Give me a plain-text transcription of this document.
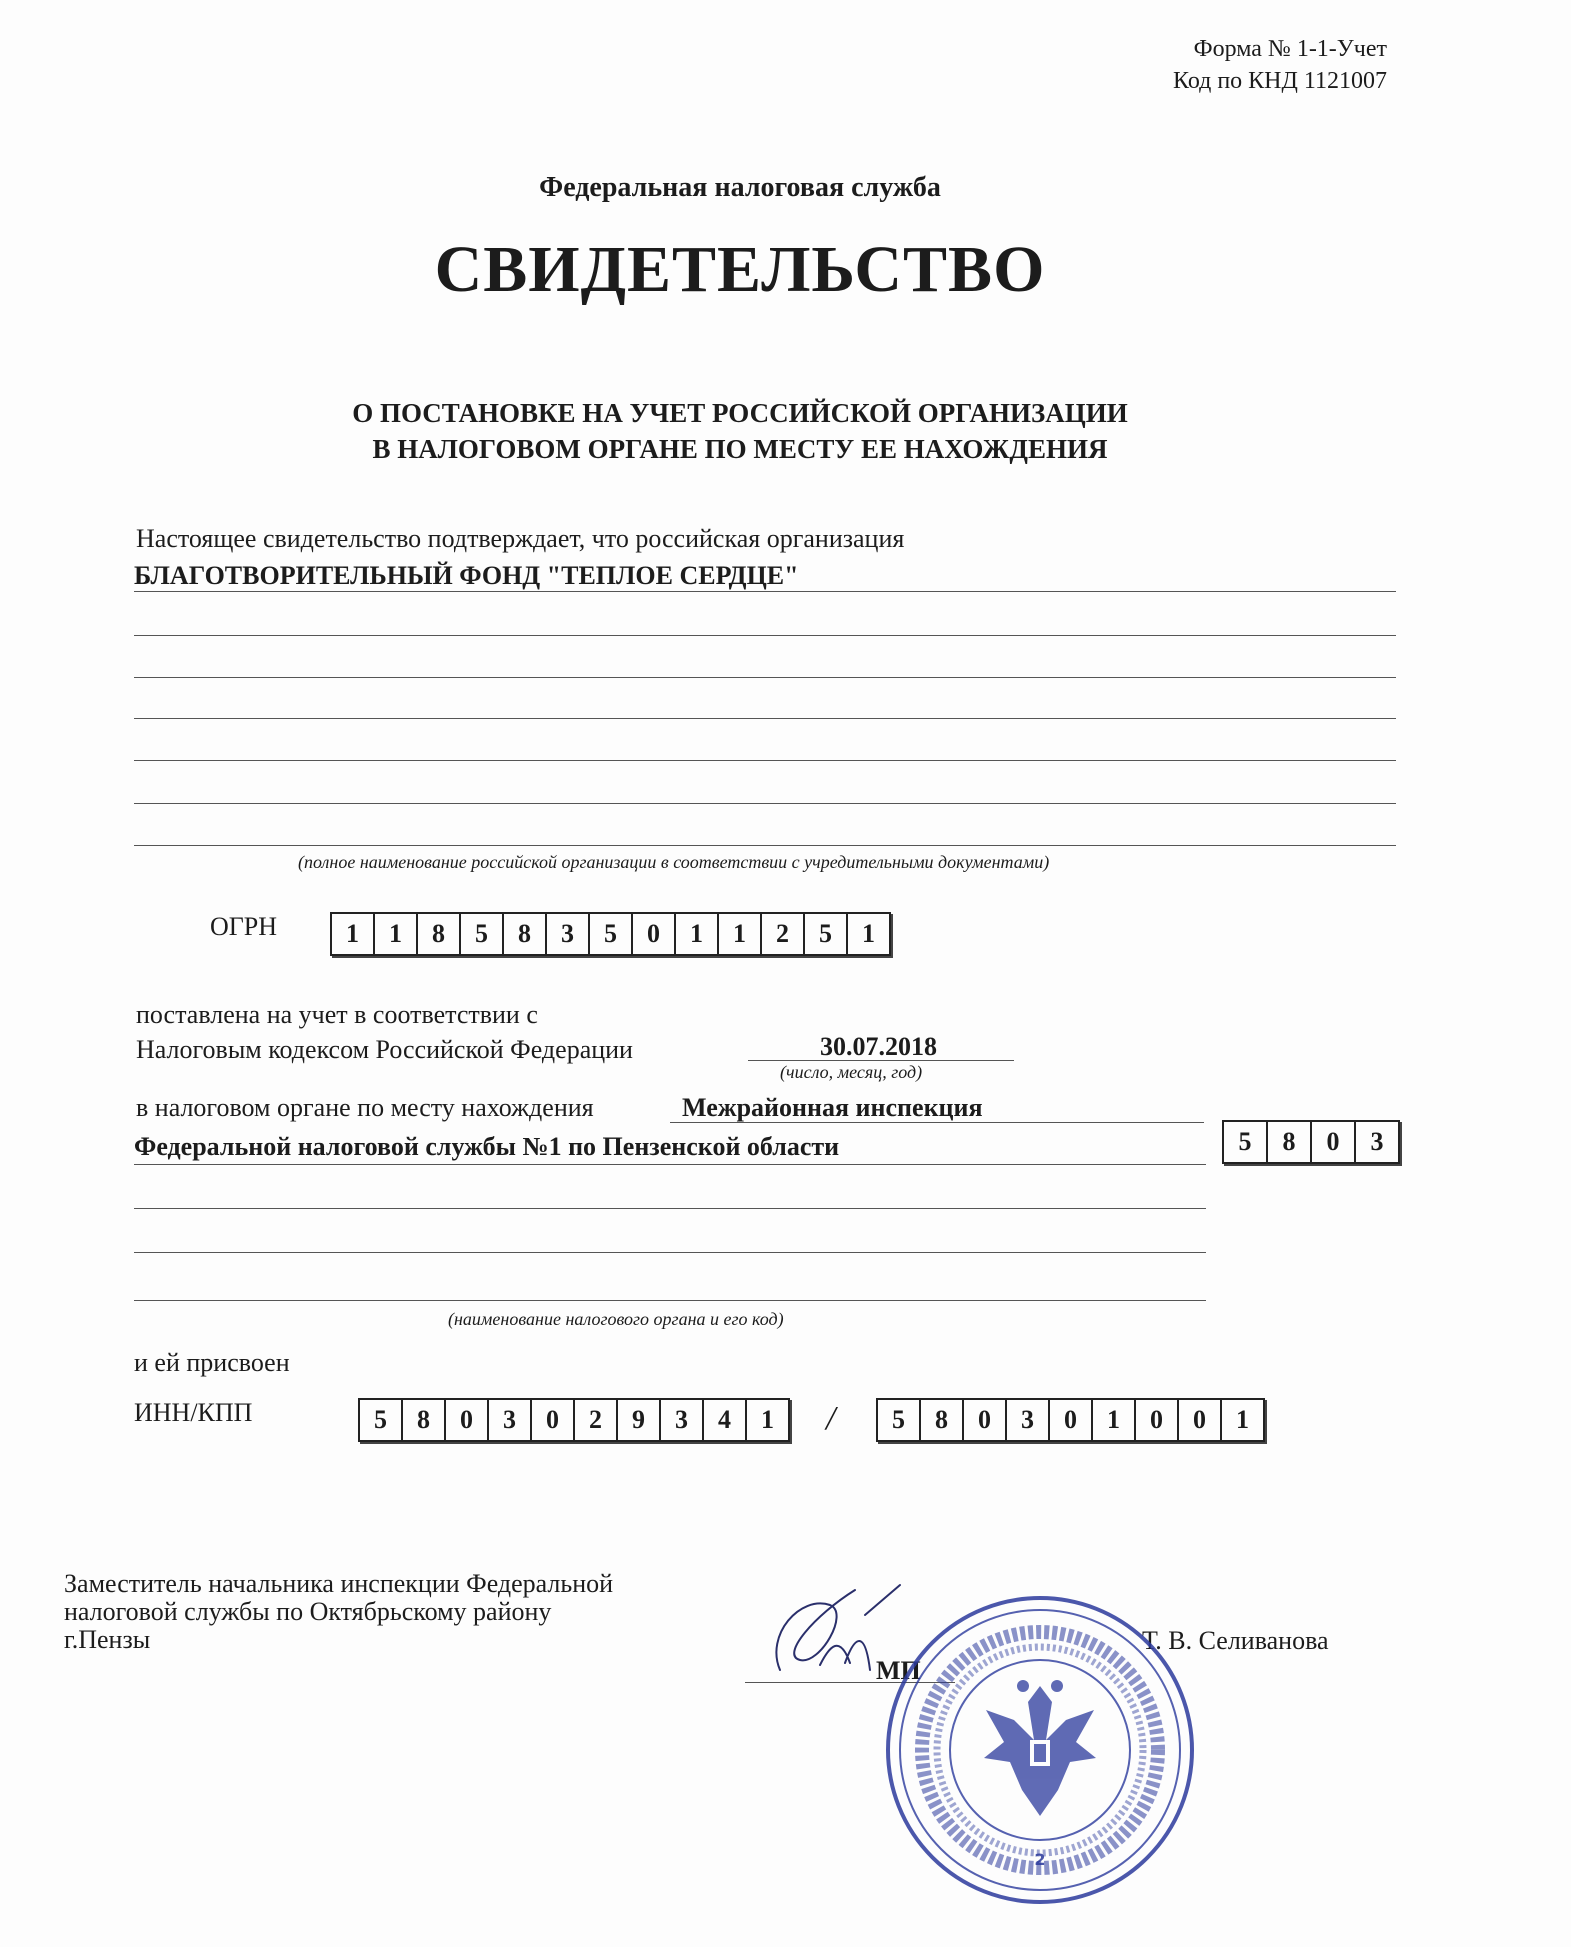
Форма № 1-1-Учет
Код по КНД 1121007
Федеральная налоговая служба
СВИДЕТЕЛЬСТВО
О ПОСТАНОВКЕ НА УЧЕТ РОССИЙСКОЙ ОРГАНИЗАЦИИ
В НАЛОГОВОМ ОРГАНЕ ПО МЕСТУ ЕЕ НАХОЖДЕНИЯ
Настоящее свидетельство подтверждает, что российская организация
БЛАГОТВОРИТЕЛЬНЫЙ ФОНД "ТЕПЛОЕ СЕРДЦЕ"
(полное наименование российской организации в соответствии с учредительными документами)
ОГРН	1	1	8	5	8	3	5	0	1	1	2	5	1
поставлена на учет в соответствии с
Налоговым кодексом Российской Федерации	30.07.2018
(число, месяц, год)
в налоговом органе по месту нахождения	Межрайонная инспекция
Федеральной налоговой службы №1 по Пензенской области	5	8	0	3
(наименование налогового органа и его код)
и ей присвоен
ИНН/КПП	5	8	0	3	0	2	9	3	4	1	/	5	8	0	3	0	1	0	0	1
Заместитель начальника инспекции Федеральной
налоговой службы по Октябрьскому району
г.Пензы	Т. В. Селиванова
МП
2
